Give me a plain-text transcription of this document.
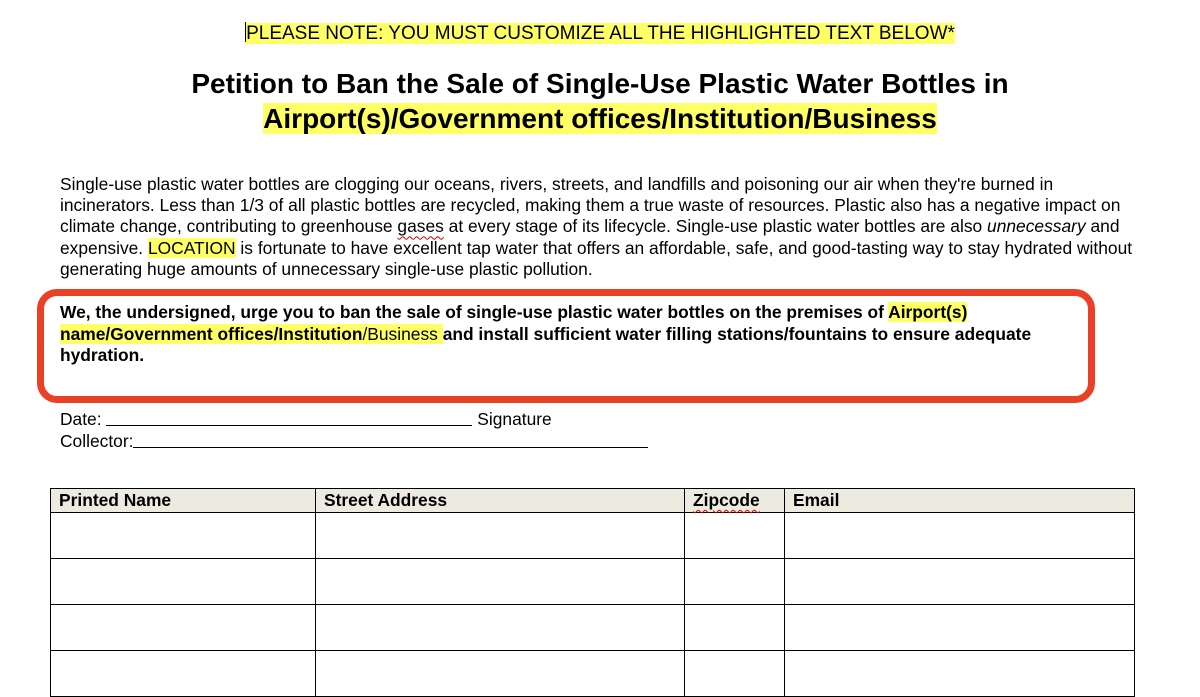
PLEASE NOTE: YOU MUST CUSTOMIZE ALL THE HIGHLIGHTED TEXT BELOW*
Petition to Ban the Sale of Single-Use Plastic Water Bottles in
Airport(s)/Government offices/Institution/Business
Single-use plastic water bottles are clogging our oceans, rivers, streets, and landfills and poisoning our air when they're burned in incinerators. Less than 1/3 of all plastic bottles are recycled, making them a true waste of resources. Plastic also has a negative impact on climate change, contributing to greenhouse gases at every stage of its lifecycle. Single-use plastic water bottles are also unnecessary and expensive. LOCATION is fortunate to have excellent tap water that offers an affordable, safe, and good-tasting way to stay hydrated without generating huge amounts of unnecessary single-use plastic pollution.
We, the undersigned, urge you to ban the sale of single-use plastic water bottles on the premises of Airport(s) name/Government offices/Institution/Business and install sufficient water filling stations/fountains to ensure adequate hydration.
Date:	Signature
Collector:
Printed Name	Street Address	Zipcode	Email
